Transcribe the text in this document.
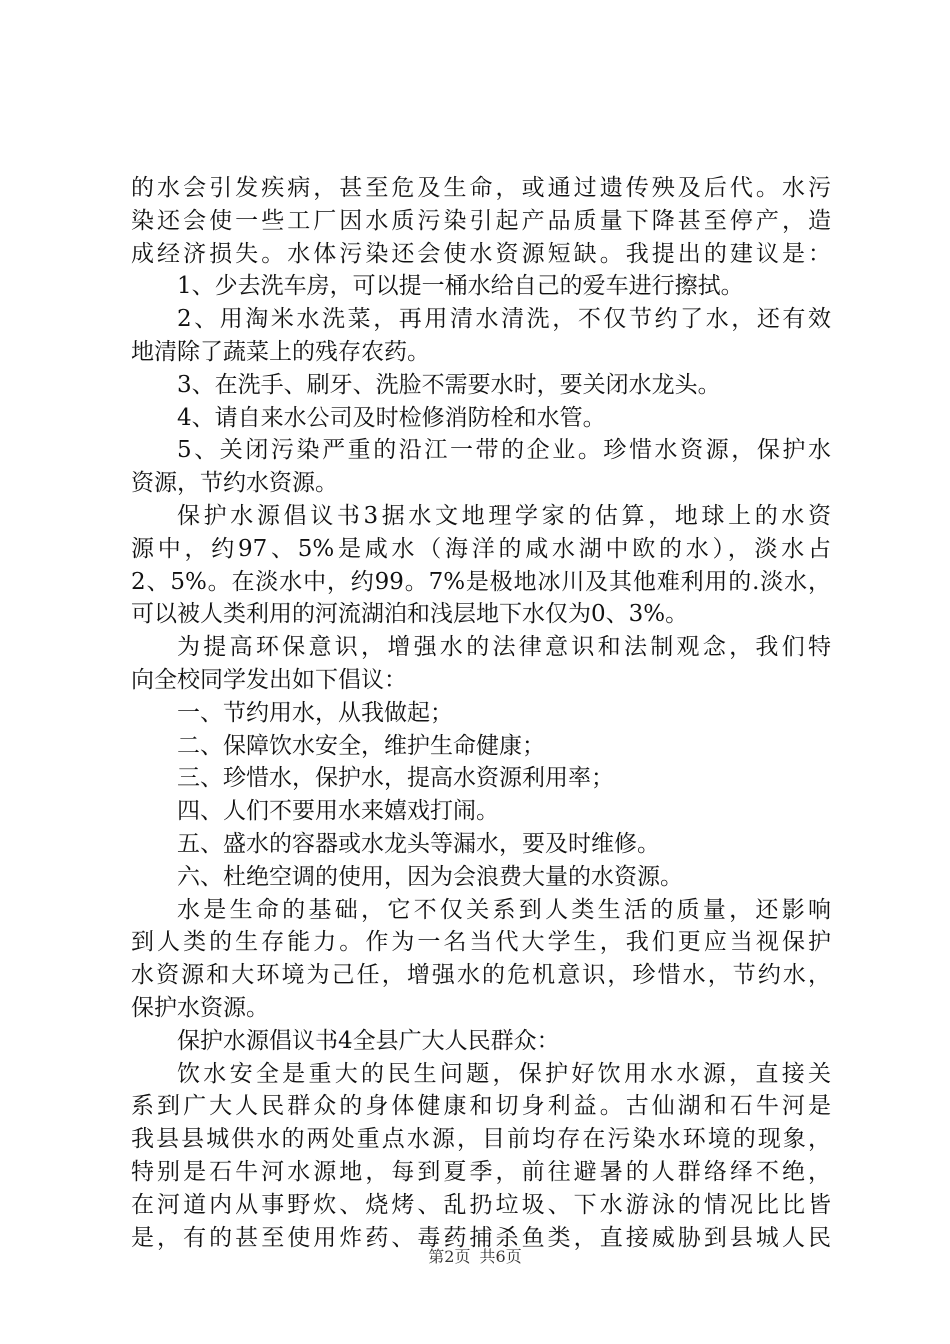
的水会引发疾病，甚至危及生命，或通过遗传殃及后代。水污
染还会使一些工厂因水质污染引起产品质量下降甚至停产，造
成经济损失。水体污染还会使水资源短缺。我提出的建议是：
1、少去洗车房，可以提一桶水给自己的爱车进行擦拭。
2、用淘米水洗菜，再用清水清洗，不仅节约了水，还有效
地清除了蔬菜上的残存农药。
3、在洗手、刷牙、洗脸不需要水时，要关闭水龙头。
4、请自来水公司及时检修消防栓和水管。
5、关闭污染严重的沿江一带的企业。珍惜水资源，保护水
资源，节约水资源。
保护水源倡议书3据水文地理学家的估算，地球上的水资
源中，约97、5%是咸水（海洋的咸水湖中欧的水），淡水占
2、5%。在淡水中，约99。7%是极地冰川及其他难利用的.淡水，
可以被人类利用的河流湖泊和浅层地下水仅为0、3%。
为提高环保意识，增强水的法律意识和法制观念，我们特
向全校同学发出如下倡议：
一、节约用水，从我做起；
二、保障饮水安全，维护生命健康；
三、珍惜水，保护水，提高水资源利用率；
四、人们不要用水来嬉戏打闹。
五、盛水的容器或水龙头等漏水，要及时维修。
六、杜绝空调的使用，因为会浪费大量的水资源。
水是生命的基础，它不仅关系到人类生活的质量，还影响
到人类的生存能力。作为一名当代大学生，我们更应当视保护
水资源和大环境为己任，增强水的危机意识，珍惜水，节约水，
保护水资源。
保护水源倡议书4全县广大人民群众：
饮水安全是重大的民生问题，保护好饮用水水源，直接关
系到广大人民群众的身体健康和切身利益。古仙湖和石牛河是
我县县城供水的两处重点水源，目前均存在污染水环境的现象，
特别是石牛河水源地，每到夏季，前往避暑的人群络绎不绝，
在河道内从事野炊、烧烤、乱扔垃圾、下水游泳的情况比比皆
是，有的甚至使用炸药、毒药捕杀鱼类，直接威胁到县城人民
第2页 共6页
